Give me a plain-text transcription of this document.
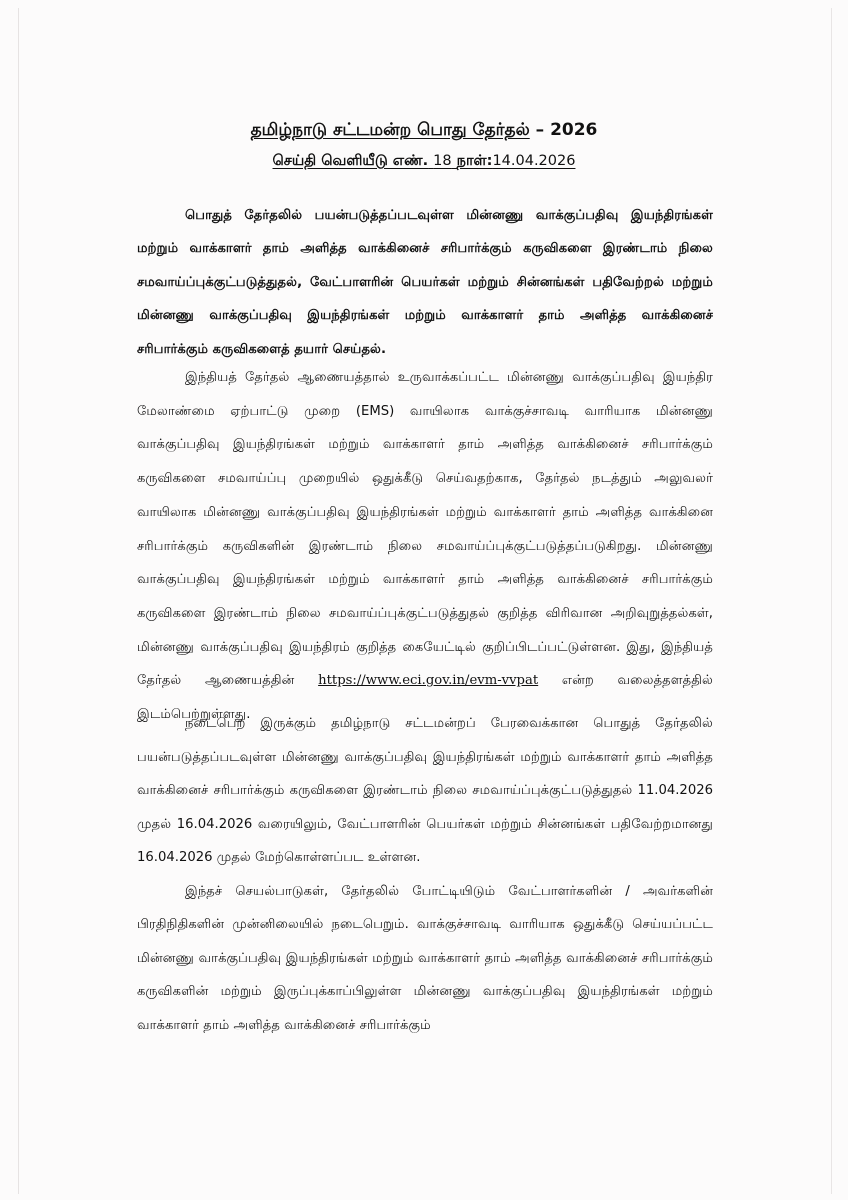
தமிழ்நாடு சட்டமன்ற பொது தேர்தல் – 2026
செய்தி வெளியீடு எண். 18 நாள்:14.04.2026

பொதுத் தேர்தலில் பயன்படுத்தப்படவுள்ள மின்னணு வாக்குப்பதிவு இயந்திரங்கள் மற்றும் வாக்காளர் தாம் அளித்த வாக்கினைச் சரிபார்க்கும் கருவிகளை இரண்டாம் நிலை சமவாய்ப்புக்குட்படுத்துதல், வேட்பாளரின் பெயர்கள் மற்றும் சின்னங்கள் பதிவேற்றல் மற்றும் மின்னணு வாக்குப்பதிவு இயந்திரங்கள் மற்றும் வாக்காளர் தாம் அளித்த வாக்கினைச் சரிபார்க்கும் கருவிகளைத் தயார் செய்தல்.

இந்தியத் தேர்தல் ஆணையத்தால் உருவாக்கப்பட்ட மின்னணு வாக்குப்பதிவு இயந்திர மேலாண்மை ஏற்பாட்டு முறை (EMS) வாயிலாக வாக்குச்சாவடி வாரியாக மின்னணு வாக்குப்பதிவு இயந்திரங்கள் மற்றும் வாக்காளர் தாம் அளித்த வாக்கினைச் சரிபார்க்கும் கருவிகளை சமவாய்ப்பு முறையில் ஒதுக்கீடு செய்வதற்காக, தேர்தல் நடத்தும் அலுவலர் வாயிலாக மின்னணு வாக்குப்பதிவு இயந்திரங்கள் மற்றும் வாக்காளர் தாம் அளித்த வாக்கினை சரிபார்க்கும் கருவிகளின் இரண்டாம் நிலை சமவாய்ப்புக்குட்படுத்தப்படுகிறது. மின்னணு வாக்குப்பதிவு இயந்திரங்கள் மற்றும் வாக்காளர் தாம் அளித்த வாக்கினைச் சரிபார்க்கும் கருவிகளை இரண்டாம் நிலை சமவாய்ப்புக்குட்படுத்துதல் குறித்த விரிவான அறிவுறுத்தல்கள், மின்னணு வாக்குப்பதிவு இயந்திரம் குறித்த கையேட்டில் குறிப்பிடப்பட்டுள்ளன. இது, இந்தியத் தேர்தல் ஆணையத்தின் https://www.eci.gov.in/evm-vvpat என்ற வலைத்தளத்தில் இடம்பெற்றுள்ளது.

நடைபெற இருக்கும் தமிழ்நாடு சட்டமன்றப் பேரவைக்கான பொதுத் தேர்தலில் பயன்படுத்தப்படவுள்ள மின்னணு வாக்குப்பதிவு இயந்திரங்கள் மற்றும் வாக்காளர் தாம் அளித்த வாக்கினைச் சரிபார்க்கும் கருவிகளை இரண்டாம் நிலை சமவாய்ப்புக்குட்படுத்துதல் 11.04.2026 முதல் 16.04.2026 வரையிலும், வேட்பாளரின் பெயர்கள் மற்றும் சின்னங்கள் பதிவேற்றமானது 16.04.2026 முதல் மேற்கொள்ளப்பட உள்ளன.

இந்தச் செயல்பாடுகள், தேர்தலில் போட்டியிடும் வேட்பாளர்களின் / அவர்களின் பிரதிநிதிகளின் முன்னிலையில் நடைபெறும். வாக்குச்சாவடி வாரியாக ஒதுக்கீடு செய்யப்பட்ட மின்னணு வாக்குப்பதிவு இயந்திரங்கள் மற்றும் வாக்காளர் தாம் அளித்த வாக்கினைச் சரிபார்க்கும் கருவிகளின் மற்றும் இருப்புக்காப்பிலுள்ள மின்னணு வாக்குப்பதிவு இயந்திரங்கள் மற்றும் வாக்காளர் தாம் அளித்த வாக்கினைச் சரிபார்க்கும்
